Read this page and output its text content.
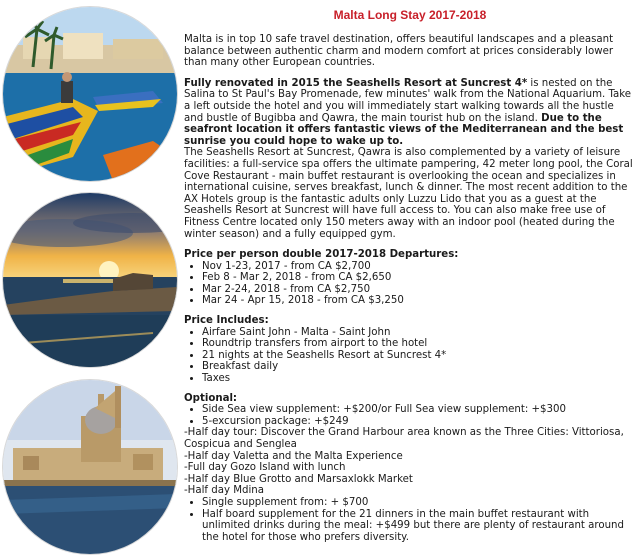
Malta Long Stay 2017-2018

Malta is in top 10 safe travel destination, offers beautiful landscapes and a pleasant balance between authentic charm and modern comfort at prices considerably lower than many other European countries.

Fully renovated in 2015 the Seashells Resort at Suncrest 4* is nested on the Salina to St Paul's Bay Promenade, few minutes' walk from the National Aquarium. Take a left outside the hotel and you will immediately start walking towards all the hustle and bustle of Bugibba and Qawra, the main tourist hub on the island. Due to the seafront location it offers fantastic views of the Mediterranean and the best sunrise you could hope to wake up to.

The Seashells Resort at Suncrest, Qawra is also complemented by a variety of leisure facilities: a full-service spa offers the ultimate pampering, 42 meter long pool, the Coral Cove Restaurant - main buffet restaurant is overlooking the ocean and specializes in international cuisine, serves breakfast, lunch & dinner. The most recent addition to the AX Hotels group is the fantastic adults only Luzzu Lido that you as a guest at the Seashells Resort at Suncrest will have full access to. You can also make free use of Fitness Centre located only 150 meters away with an indoor pool (heated during the winter season) and a fully equipped gym.

Price per person double 2017-2018 Departures:
• Nov 1-23, 2017 - from CA $2,700
• Feb 8 - Mar 2, 2018 - from CA $2,650
• Mar 2-24, 2018 - from CA $2,750
• Mar 24 - Apr 15, 2018 - from CA $3,250
Price Includes:
• Airfare Saint John - Malta - Saint John
• Roundtrip transfers from airport to the hotel
• 21 nights at the Seashells Resort at Suncrest 4*
• Breakfast daily
• Taxes
Optional:
• Side Sea view supplement: +$200/or Full Sea view supplement: +$300
• 5-excursion package: +$249

-Half day tour: Discover the Grand Harbour area known as the Three Cities: Vittoriosa, Cospicua and Senglea

-Half day Valetta and the Malta Experience

-Full day Gozo Island with lunch

-Half day Blue Grotto and Marsaxlokk Market

-Half day Mdina

• Single supplement from: + $700
• Half board supplement for the 21 dinners in the main buffet restaurant with unlimited drinks during the meal: +$499 but there are plenty of restaurant around the hotel for those who prefers diversity.
